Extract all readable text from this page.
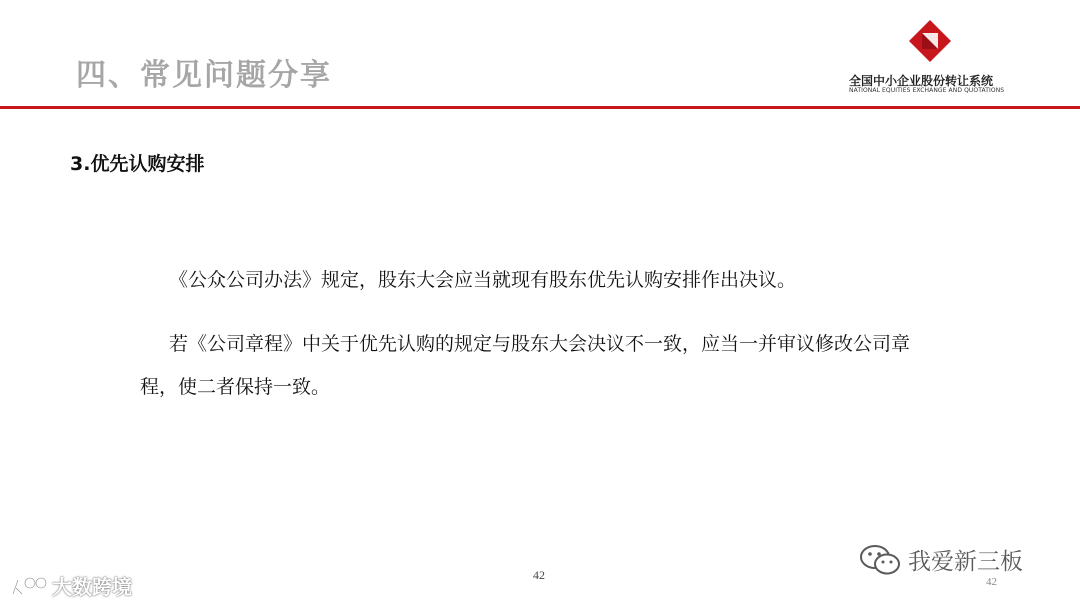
四、常见问题分享	全国中小企业股份转让系统
NATIONAL EQUITIES EXCHANGE AND QUOTATIONS
3.优先认购安排
《公众公司办法》规定，股东大会应当就现有股东优先认购安排作出决议。
若《公司章程》中关于优先认购的规定与股东大会决议不一致，应当一并审议修改公司章程，使二者保持一致。
42	42
大数跨境
我爱新三板
